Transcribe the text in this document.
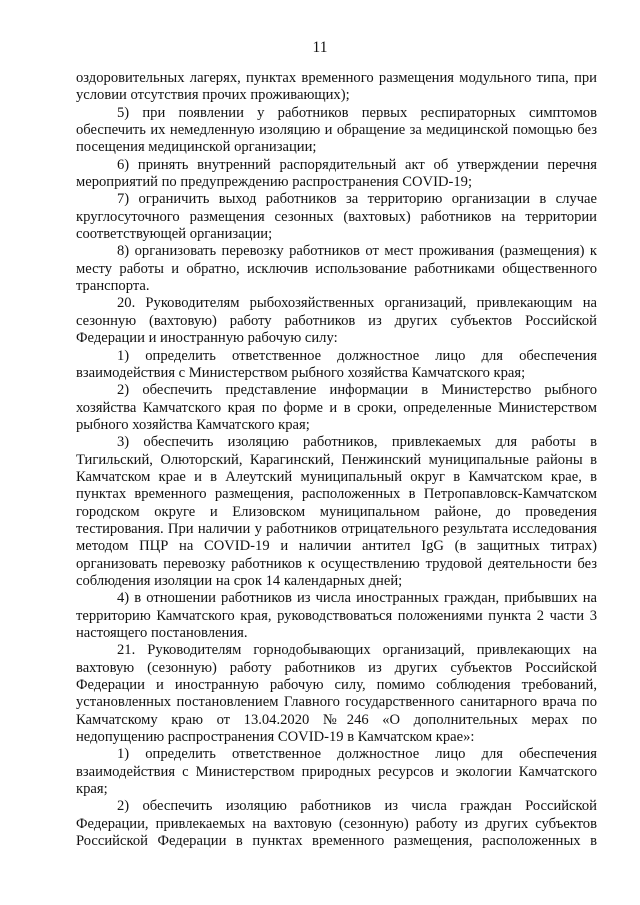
11

оздоровительных лагерях, пунктах временного размещения модульного типа, при условии отсутствия прочих проживающих);

5) при появлении у работников первых респираторных симптомов обеспечить их немедленную изоляцию и обращение за медицинской помощью без посещения медицинской организации;

6) принять внутренний распорядительный акт об утверждении перечня мероприятий по предупреждению распространения COVID-19;

7) ограничить выход работников за территорию организации в случае круглосуточного размещения сезонных (вахтовых) работников на территории соответствующей организации;

8) организовать перевозку работников от мест проживания (размещения) к месту работы и обратно, исключив использование работниками общественного транспорта.

20. Руководителям рыбохозяйственных организаций, привлекающим на сезонную (вахтовую) работу работников из других субъектов Российской Федерации и иностранную рабочую силу:

1) определить ответственное должностное лицо для обеспечения взаимодействия с Министерством рыбного хозяйства Камчатского края;

2) обеспечить представление информации в Министерство рыбного хозяйства Камчатского края по форме и в сроки, определенные Министерством рыбного хозяйства Камчатского края;

3) обеспечить изоляцию работников, привлекаемых для работы в Тигильский, Олюторский, Карагинский, Пенжинский муниципальные районы в Камчатском крае и в Алеутский муниципальный округ в Камчатском крае, в пунктах временного размещения, расположенных в Петропавловск-Камчатском городском округе и Елизовском муниципальном районе, до проведения тестирования. При наличии у работников отрицательного результата исследования методом ПЦР на COVID-19 и наличии антител IgG (в защитных титрах) организовать перевозку работников к осуществлению трудовой деятельности без соблюдения изоляции на срок 14 календарных дней;

4) в отношении работников из числа иностранных граждан, прибывших на территорию Камчатского края, руководствоваться положениями пункта 2 части 3 настоящего постановления.

21. Руководителям горнодобывающих организаций, привлекающих на вахтовую (сезонную) работу работников из других субъектов Российской Федерации и иностранную рабочую силу, помимо соблюдения требований, установленных постановлением Главного государственного санитарного врача по Камчатскому краю от 13.04.2020 №246 «О дополнительных мерах по недопущению распространения COVID-19 в Камчатском крае»:

1) определить ответственное должностное лицо для обеспечения взаимодействия с Министерством природных ресурсов и экологии Камчатского края;

2) обеспечить изоляцию работников из числа граждан Российской Федерации, привлекаемых на вахтовую (сезонную) работу из других субъектов Российской Федерации в пунктах временного размещения, расположенных в
